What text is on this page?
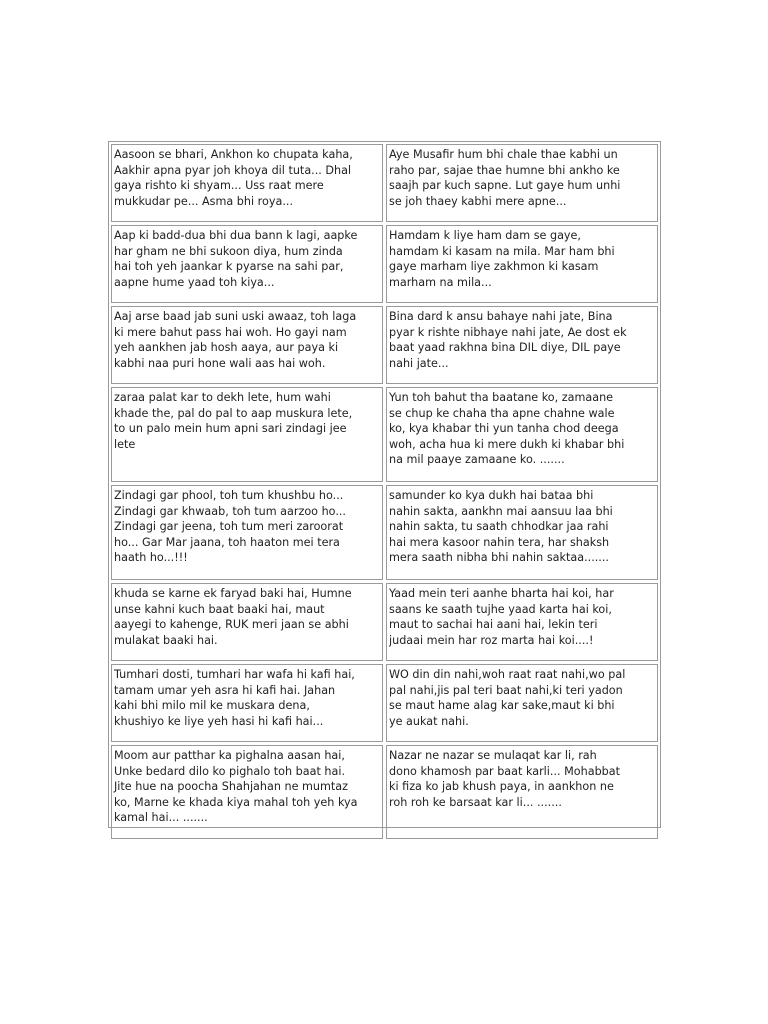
Aasoon se bhari, Ankhon ko chupata kaha,
Aakhir apna pyar joh khoya dil tuta... Dhal
gaya rishto ki shyam... Uss raat mere
mukkudar pe... Asma bhi roya...
Aye Musafir hum bhi chale thae kabhi un
raho par, sajae thae humne bhi ankho ke
saajh par kuch sapne. Lut gaye hum unhi
se joh thaey kabhi mere apne...
Aap ki badd-dua bhi dua bann k lagi, aapke
har gham ne bhi sukoon diya, hum zinda
hai toh yeh jaankar k pyarse na sahi par,
aapne hume yaad toh kiya...
Hamdam k liye ham dam se gaye,
hamdam ki kasam na mila. Mar ham bhi
gaye marham liye zakhmon ki kasam
marham na mila...
Aaj arse baad jab suni uski awaaz, toh laga
ki mere bahut pass hai woh. Ho gayi nam
yeh aankhen jab hosh aaya, aur paya ki
kabhi naa puri hone wali aas hai woh.
Bina dard k ansu bahaye nahi jate, Bina
pyar k rishte nibhaye nahi jate, Ae dost ek
baat yaad rakhna bina DIL diye, DIL paye
nahi jate...
zaraa palat kar to dekh lete, hum wahi
khade the, pal do pal to aap muskura lete,
to un palo mein hum apni sari zindagi jee
lete
Yun toh bahut tha baatane ko, zamaane
se chup ke chaha tha apne chahne wale
ko, kya khabar thi yun tanha chod deega
woh, acha hua ki mere dukh ki khabar bhi
na mil paaye zamaane ko. .......
Zindagi gar phool, toh tum khushbu ho...
Zindagi gar khwaab, toh tum aarzoo ho...
Zindagi gar jeena, toh tum meri zaroorat
ho... Gar Mar jaana, toh haaton mei tera
haath ho...!!!
samunder ko kya dukh hai bataa bhi
nahin sakta, aankhn mai aansuu laa bhi
nahin sakta, tu saath chhodkar jaa rahi
hai mera kasoor nahin tera, har shaksh
mera saath nibha bhi nahin saktaa.......
khuda se karne ek faryad baki hai, Humne
unse kahni kuch baat baaki hai, maut
aayegi to kahenge, RUK meri jaan se abhi
mulakat baaki hai.
Yaad mein teri aanhe bharta hai koi, har
saans ke saath tujhe yaad karta hai koi,
maut to sachai hai aani hai, lekin teri
judaai mein har roz marta hai koi....!
Tumhari dosti, tumhari har wafa hi kafi hai,
tamam umar yeh asra hi kafi hai. Jahan
kahi bhi milo mil ke muskara dena,
khushiyo ke liye yeh hasi hi kafi hai...
WO din din nahi,woh raat raat nahi,wo pal
pal nahi,jis pal teri baat nahi,ki teri yadon
se maut hame alag kar sake,maut ki bhi
ye aukat nahi.
Moom aur patthar ka pighalna aasan hai,
Unke bedard dilo ko pighalo toh baat hai.
Jite hue na poocha Shahjahan ne mumtaz
ko, Marne ke khada kiya mahal toh yeh kya
kamal hai... .......
Nazar ne nazar se mulaqat kar li, rah
dono khamosh par baat karli... Mohabbat
ki fiza ko jab khush paya, in aankhon ne
roh roh ke barsaat kar li... .......
